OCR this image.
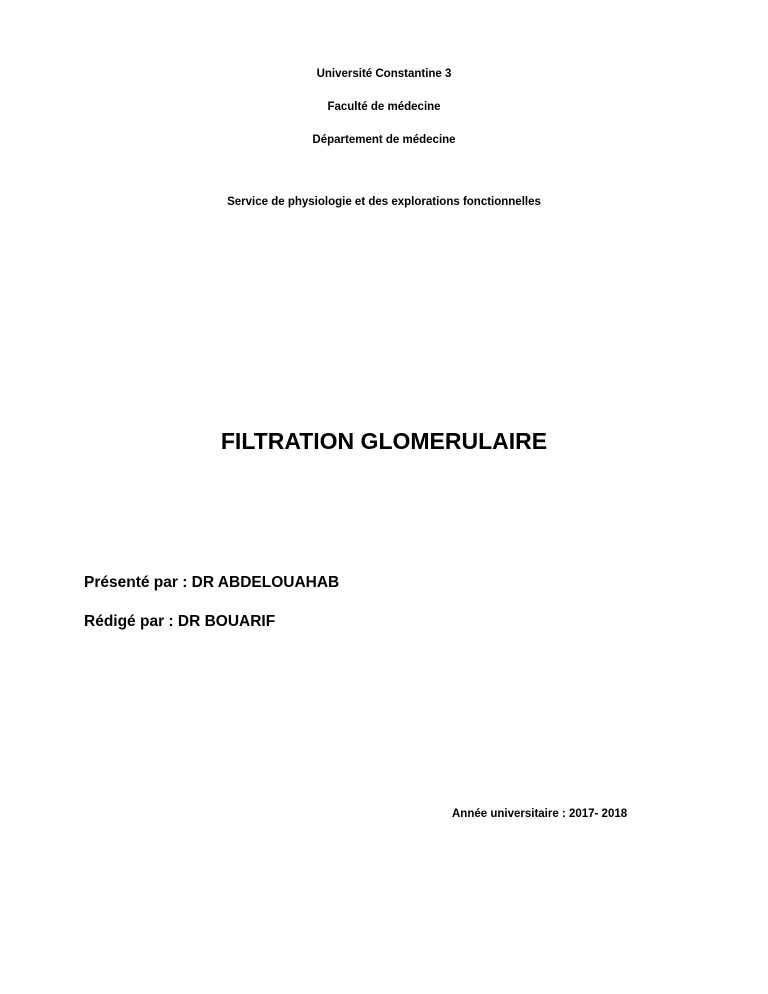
Université Constantine 3
Faculté de médecine
Département de médecine
Service de physiologie et des explorations fonctionnelles
FILTRATION GLOMERULAIRE
Présenté par : DR ABDELOUAHAB
Rédigé par : DR BOUARIF
Année universitaire : 2017- 2018
